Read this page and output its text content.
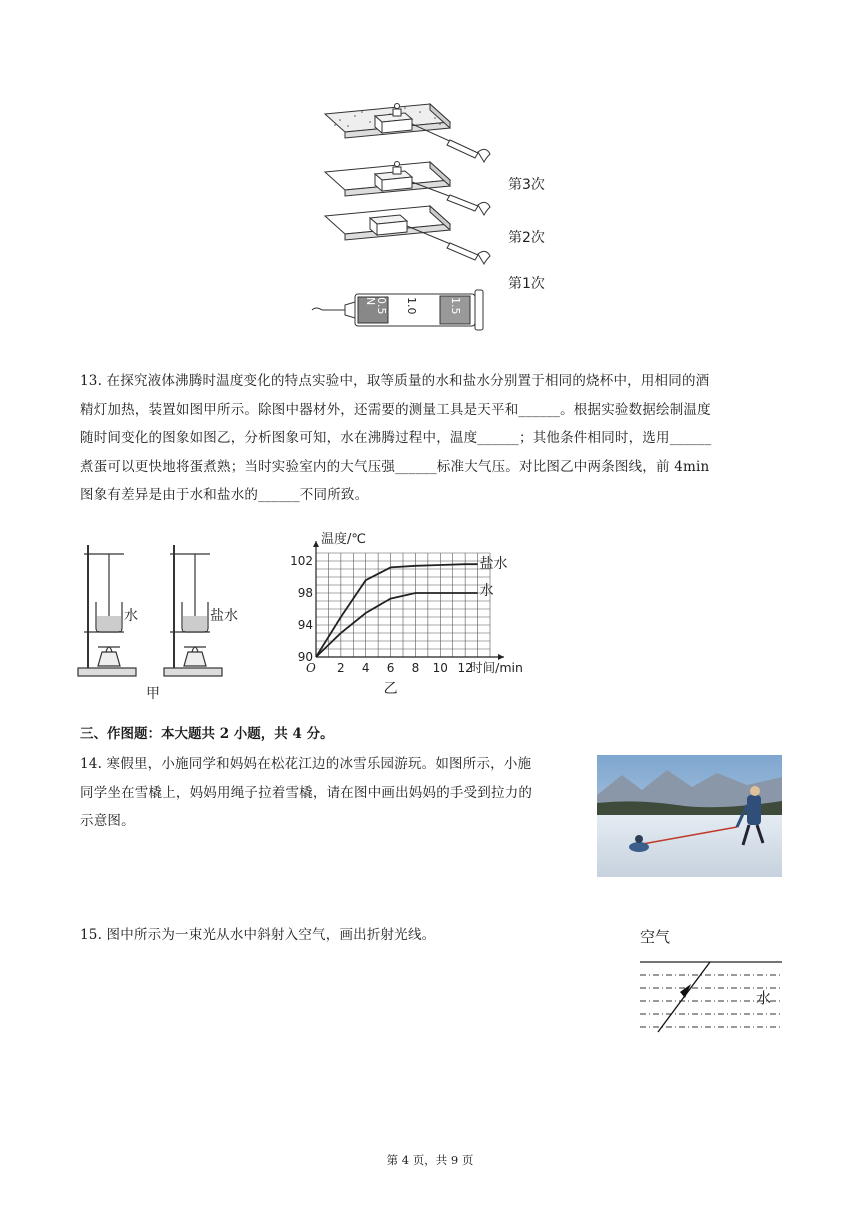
0.5
N	1.0	1.5
第3次
第2次
第1次
13. 在探究液体沸腾时温度变化的特点实验中，取等质量的水和盐水分别置于相同的烧杯中，用相同的酒
精灯加热，装置如图甲所示。除图中器材外，还需要的测量工具是天平和______。根据实验数据绘制温度
随时间变化的图象如图乙，分析图象可知，水在沸腾过程中，温度______；其他条件相同时，选用______
煮蛋可以更快地将蛋煮熟；当时实验室内的大气压强______标准大气压。对比图乙中两条图线，前 4min
图象有差异是由于水和盐水的______不同所致。
水	盐水
甲
盐水
水
90
94
98
102
2 4 6 8 10 12
O
温度/℃
时间/min
乙
三、作图题：本大题共 2 小题，共 4 分。
14. 寒假里，小施同学和妈妈在松花江边的冰雪乐园游玩。如图所示，小施
同学坐在雪橇上，妈妈用绳子拉着雪橇，请在图中画出妈妈的手受到拉力的
示意图。
15. 图中所示为一束光从水中斜射入空气，画出折射光线。	空气
水
第 4 页，共 9 页
